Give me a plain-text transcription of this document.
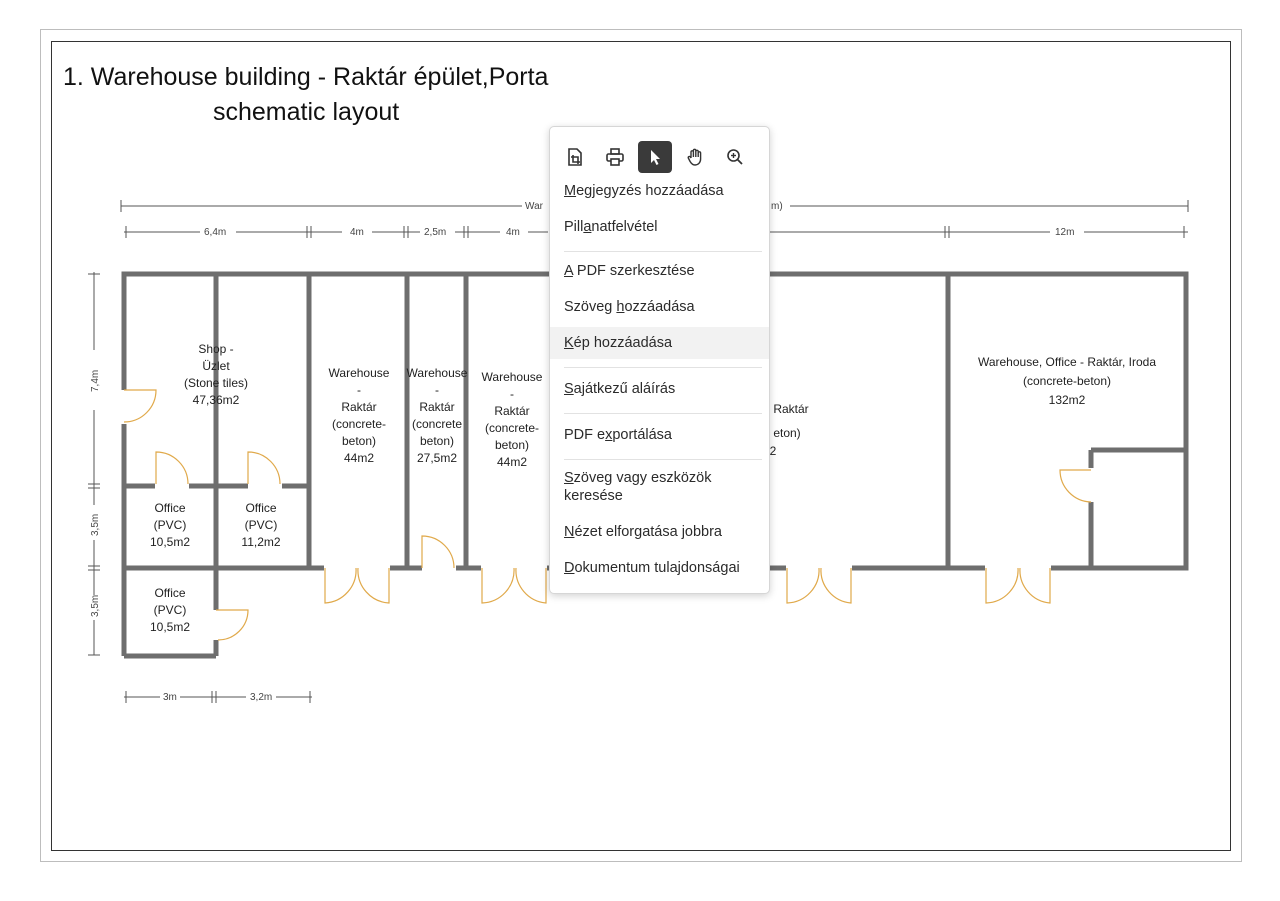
1. Warehouse building - Raktár épület,Porta
schematic layout
War	m)
6,4m	4m	2,5m	4m	12m
7,4m
3,5m
3,5m
3m	3,2m
Shop -
Üzlet
(Stone tiles)
47,36m2
Office
(PVC)
10,5m2
Office
(PVC)
11,2m2
Office
(PVC)
10,5m2
Warehouse
-
Raktár
(concrete-
beton)
44m2
Warehouse
-
Raktár
(concrete
beton)
27,5m2
Warehouse
-
Raktár
(concrete-
beton)
44m2
Raktár
eton)
2
Warehouse, Office - Raktár, Iroda
(concrete-beton)
132m2
Megjegyzés hozzáadása
Pillanatfelvétel
A PDF szerkesztése
Szöveg hozzáadása
Kép hozzáadása
Sajátkezű aláírás
PDF exportálása
Szöveg vagy eszközök
keresése
Nézet elforgatása jobbra
Dokumentum tulajdonságai
